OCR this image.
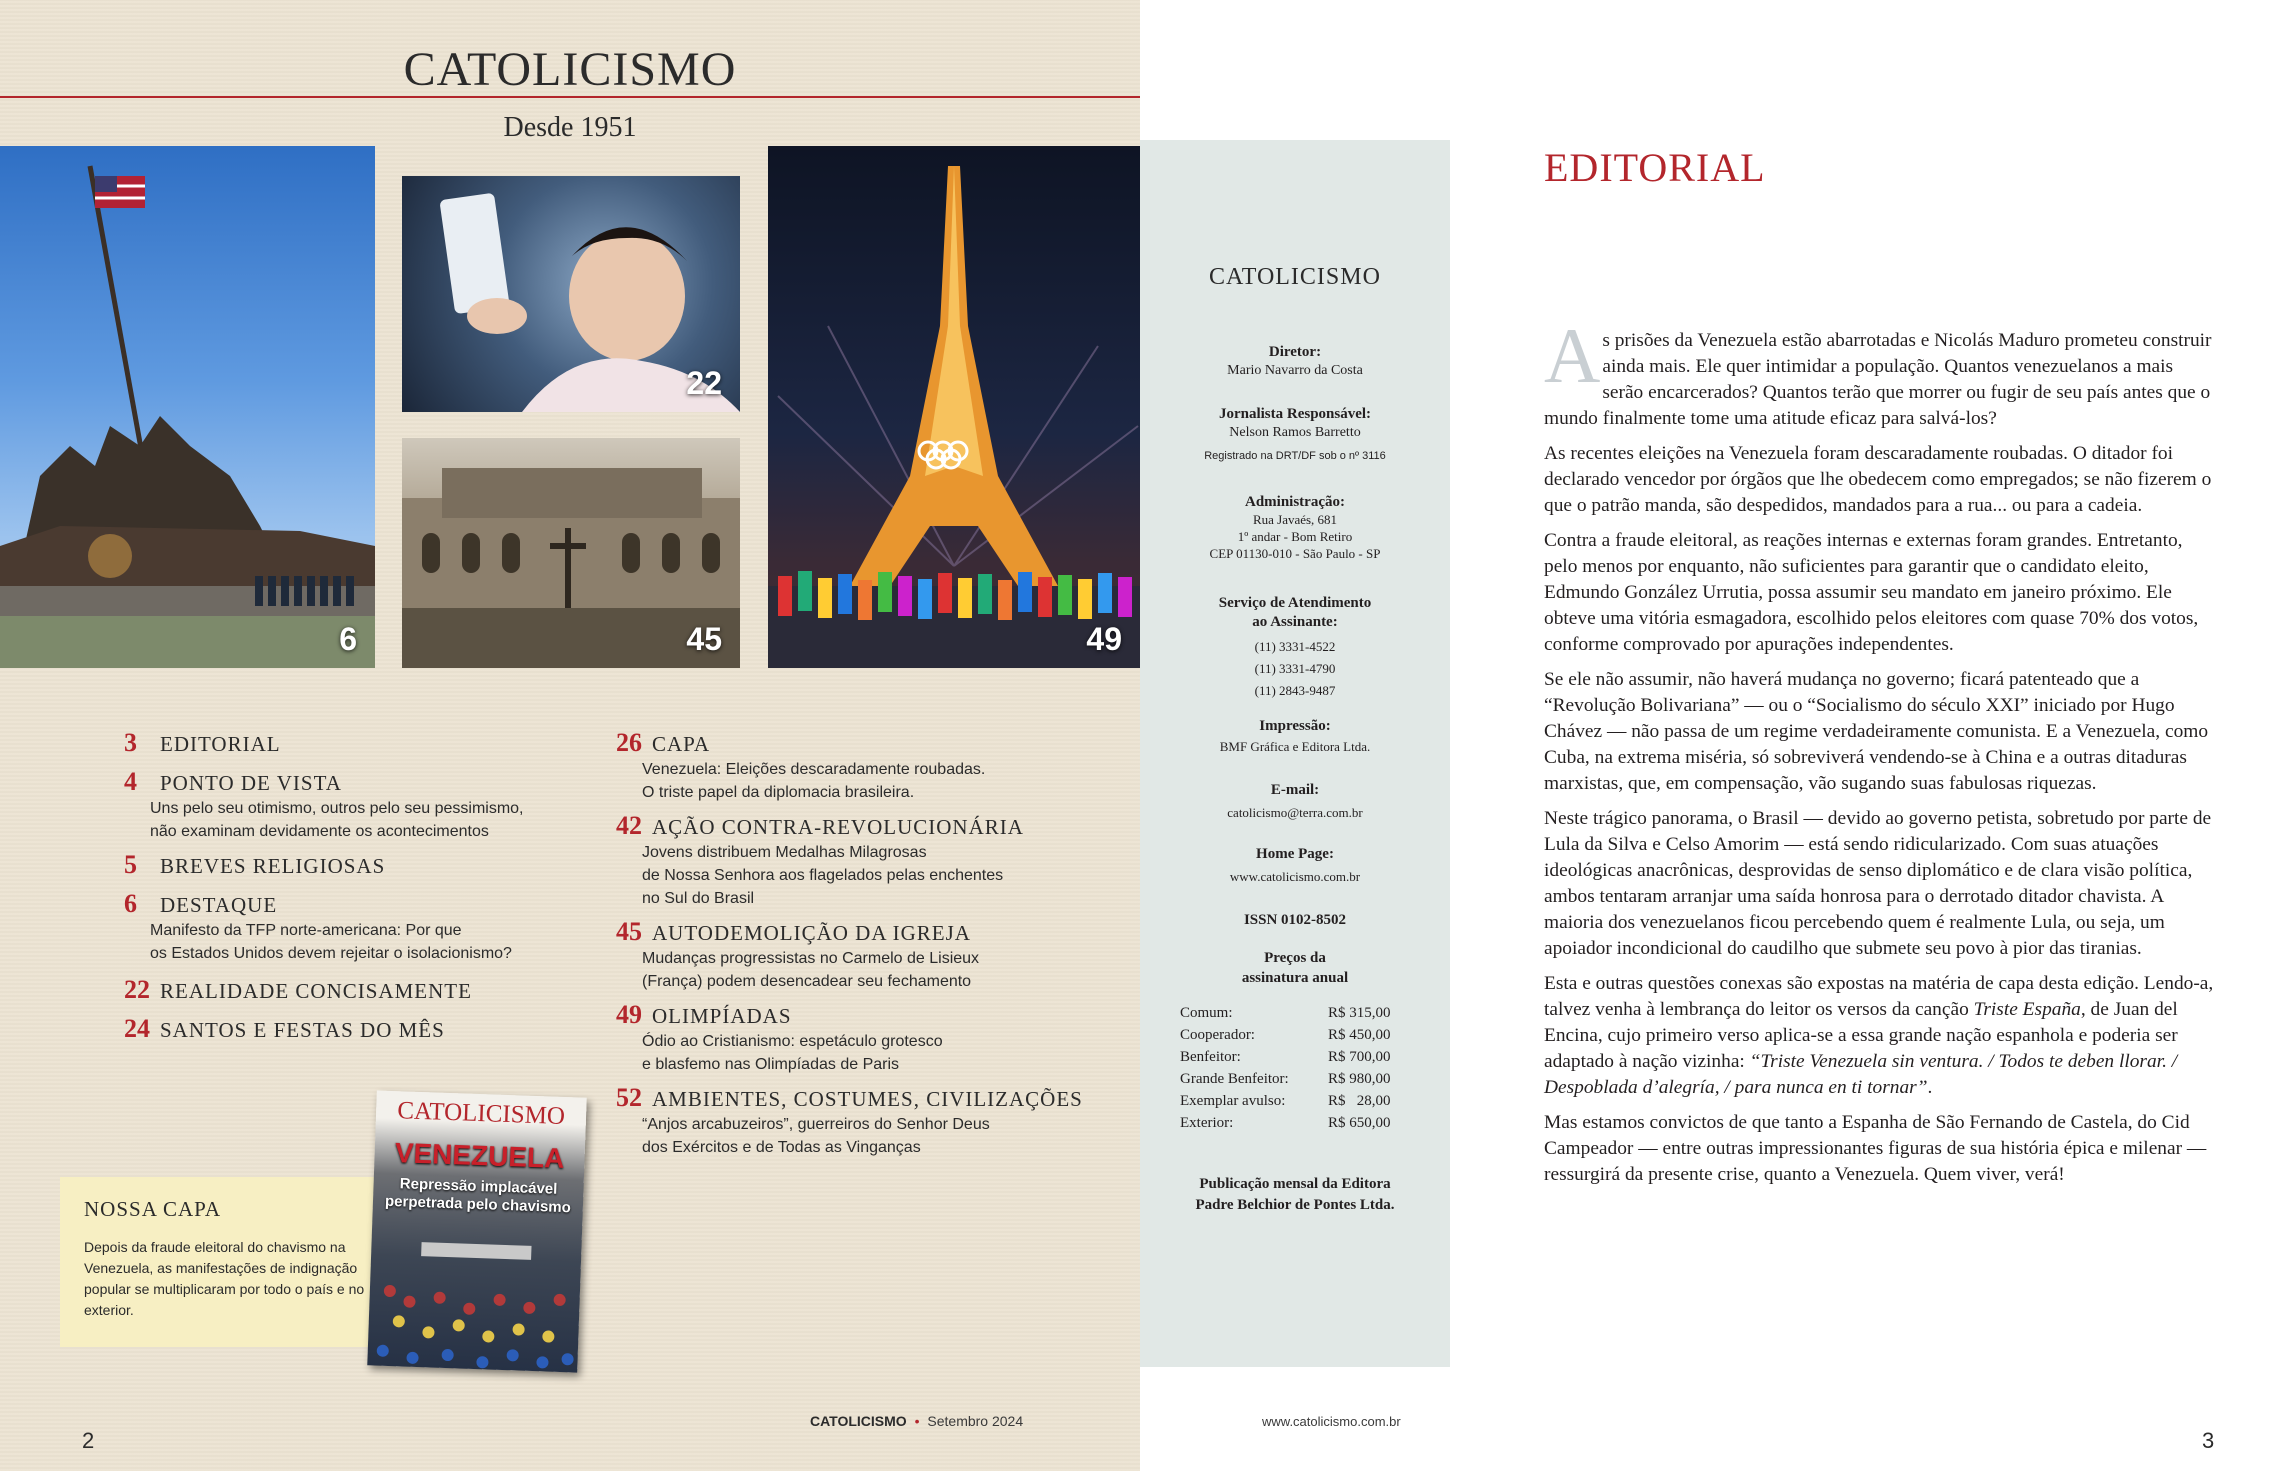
CATOLICISMO
Desde 1951
6
22
45	49
3 EDITORIAL
4 PONTO DE VISTA
Uns pelo seu otimismo, outros pelo seu pessimismo,
não examinam devidamente os acontecimentos
5 BREVES RELIGIOSAS
6 DESTAQUE
Manifesto da TFP norte-americana: Por que
os Estados Unidos devem rejeitar o isolacionismo?
22 REALIDADE CONCISAMENTE
24 SANTOS E FESTAS DO MÊS
26 CAPA
Venezuela: Eleições descaradamente roubadas.
O triste papel da diplomacia brasileira.
42 AÇÃO CONTRA-REVOLUCIONÁRIA
Jovens distribuem Medalhas Milagrosas
de Nossa Senhora aos flagelados pelas enchentes
no Sul do Brasil
45 AUTODEMOLIÇÃO DA IGREJA
Mudanças progressistas no Carmelo de Lisieux
(França) podem desencadear seu fechamento
49 OLIMPÍADAS
Ódio ao Cristianismo: espetáculo grotesco
e blasfemo nas Olimpíadas de Paris
52 AMBIENTES, COSTUMES, CIVILIZAÇÕES
“Anjos arcabuzeiros”, guerreiros do Senhor Deus
dos Exércitos e de Todas as Vinganças
NOSSA CAPA
Depois da fraude eleitoral do chavismo na Venezuela, as manifestações de indignação popular se multiplicaram por todo o país e no exterior.
CATOLICISMO
VENEZUELA
Repressão implacável
perpetrada pelo chavismo
2
CATOLICISMO • Setembro 2024
CATOLICISMO
Diretor:
Mario Navarro da Costa
Jornalista Responsável:
Nelson Ramos Barretto
Registrado na DRT/DF sob o nº 3116
Administração:
Rua Javaés, 681
1º andar - Bom Retiro
CEP 01130-010 - São Paulo - SP
Serviço de Atendimento
ao Assinante:
(11) 3331-4522
(11) 3331-4790
(11) 2843-9487
Impressão:
BMF Gráfica e Editora Ltda.
E-mail:
catolicismo@terra.com.br
Home Page:
www.catolicismo.com.br
ISSN 0102-8502
Preços da
assinatura anual
Comum:	R$ 315,00
Cooperador:	R$ 450,00
Benfeitor:	R$ 700,00
Grande Benfeitor:	R$ 980,00
Exemplar avulso:	R$   28,00
Exterior:	R$ 650,00
Publicação mensal da Editora
Padre Belchior de Pontes Ltda.
EDITORIAL

A s prisões da Venezuela estão abarrotadas e Nicolás Maduro prometeu construir ainda mais. Ele quer intimidar a população. Quantos venezuelanos a mais serão encarcerados? Quantos terão que morrer ou fugir de seu país antes que o mundo finalmente tome uma atitude eficaz para salvá-los?

As recentes eleições na Venezuela foram descaradamente roubadas. O ditador foi declarado vencedor por órgãos que lhe obedecem como empregados; se não fizerem o que o patrão manda, são despedidos, mandados para a rua... ou para a cadeia.

Contra a fraude eleitoral, as reações internas e externas foram grandes. Entretanto, pelo menos por enquanto, não suficientes para garantir que o candidato eleito, Edmundo González Urrutia, possa assumir seu mandato em janeiro próximo. Ele obteve uma vitória esmagadora, escolhido pelos eleitores com quase 70% dos votos, conforme comprovado por apurações independentes.

Se ele não assumir, não haverá mudança no governo; ficará patenteado que a “Revolução Bolivariana” — ou o “Socialismo do século XXI” iniciado por Hugo Chávez — não passa de um regime verdadeiramente comunista. E a Venezuela, como Cuba, na extrema miséria, só sobreviverá vendendo-se à China e a outras ditaduras marxistas, que, em compensação, vão sugando suas fabulosas riquezas.

Neste trágico panorama, o Brasil — devido ao governo petista, sobretudo por parte de Lula da Silva e Celso Amorim — está sendo ridicularizado. Com suas atuações ideológicas anacrônicas, desprovidas de senso diplomático e de clara visão política, ambos tentaram arranjar uma saída honrosa para o derrotado ditador chavista. A maioria dos venezuelanos ficou percebendo quem é realmente Lula, ou seja, um apoiador incondicional do caudilho que submete seu povo à pior das tiranias.

Esta e outras questões conexas são expostas na matéria de capa desta edição. Lendo-a, talvez venha à lembrança do leitor os versos da canção Triste España, de Juan del Encina, cujo primeiro verso aplica-se a essa grande nação espanhola e poderia ser adaptado à nação vizinha: “Triste Venezuela sin ventura. / Todos te deben llorar. / Despoblada d’alegría, / para nunca en ti tornar”.

Mas estamos convictos de que tanto a Espanha de São Fernando de Castela, do Cid Campeador — entre outras impressionantes figuras de sua história épica e milenar — ressurgirá da presente crise, quanto a Venezuela. Quem viver, verá!

www.catolicismo.com.br
3
